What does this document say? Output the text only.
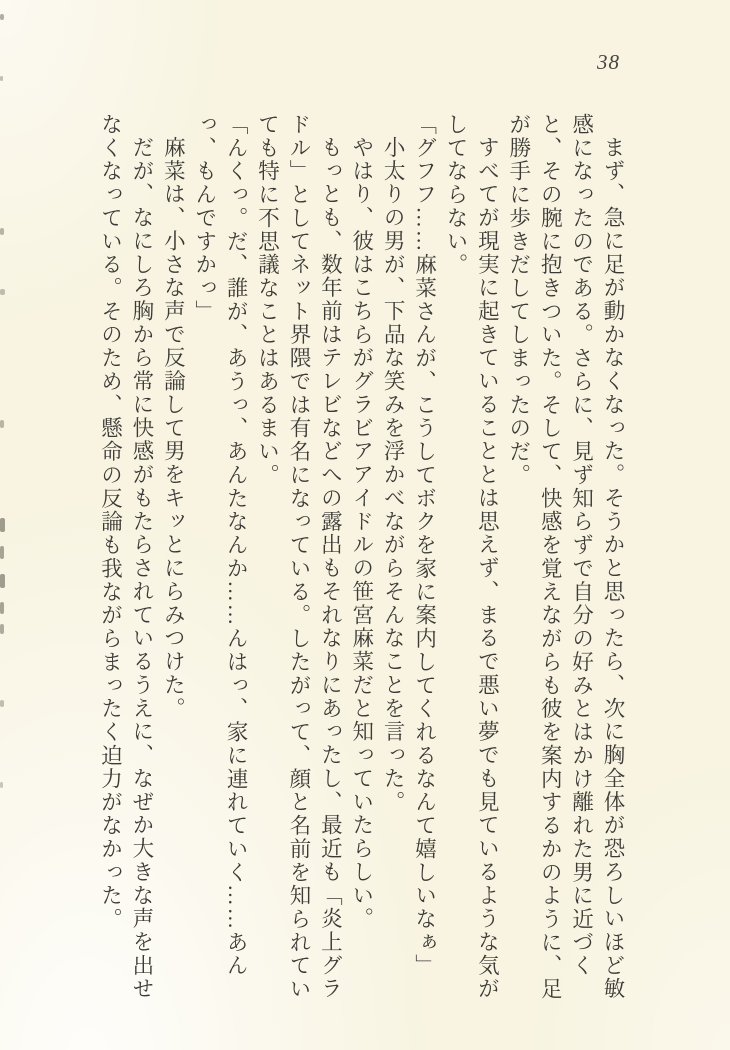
38

まず、急に足が動かなくなった。そうかと思ったら、次に胸全体が恐ろしいほど敏感になったのである。さらに、見ず知らずで自分の好みとはかけ離れた男に近づくと、その腕に抱きついた。そして、快感を覚えながらも彼を案内するかのように、足が勝手に歩きだしてしまったのだ。

すべてが現実に起きていることとは思えず、まるで悪い夢でも見ているような気がしてならない。

「グフフ……麻菜さんが、こうしてボクを家に案内してくれるなんて嬉しいなぁ」

小太りの男が、下品な笑みを浮かべながらそんなことを言った。

やはり、彼はこちらがグラビアアイドルの笹宮麻菜だと知っていたらしい。

もっとも、数年前はテレビなどへの露出もそれなりにあったし、最近も「炎上グラドル」としてネット界隈では有名になっている。したがって、顔と名前を知られていても特に不思議なことはあるまい。

「んくっ。だ、誰が、あうっ、あんたなんか……んはっ、家に連れていく……あんっ、もんですかっ」

麻菜は、小さな声で反論して男をキッとにらみつけた。

だが、なにしろ胸から常に快感がもたらされているうえに、なぜか大きな声を出せなくなっている。そのため、懸命の反論も我ながらまったく迫力がなかった。
